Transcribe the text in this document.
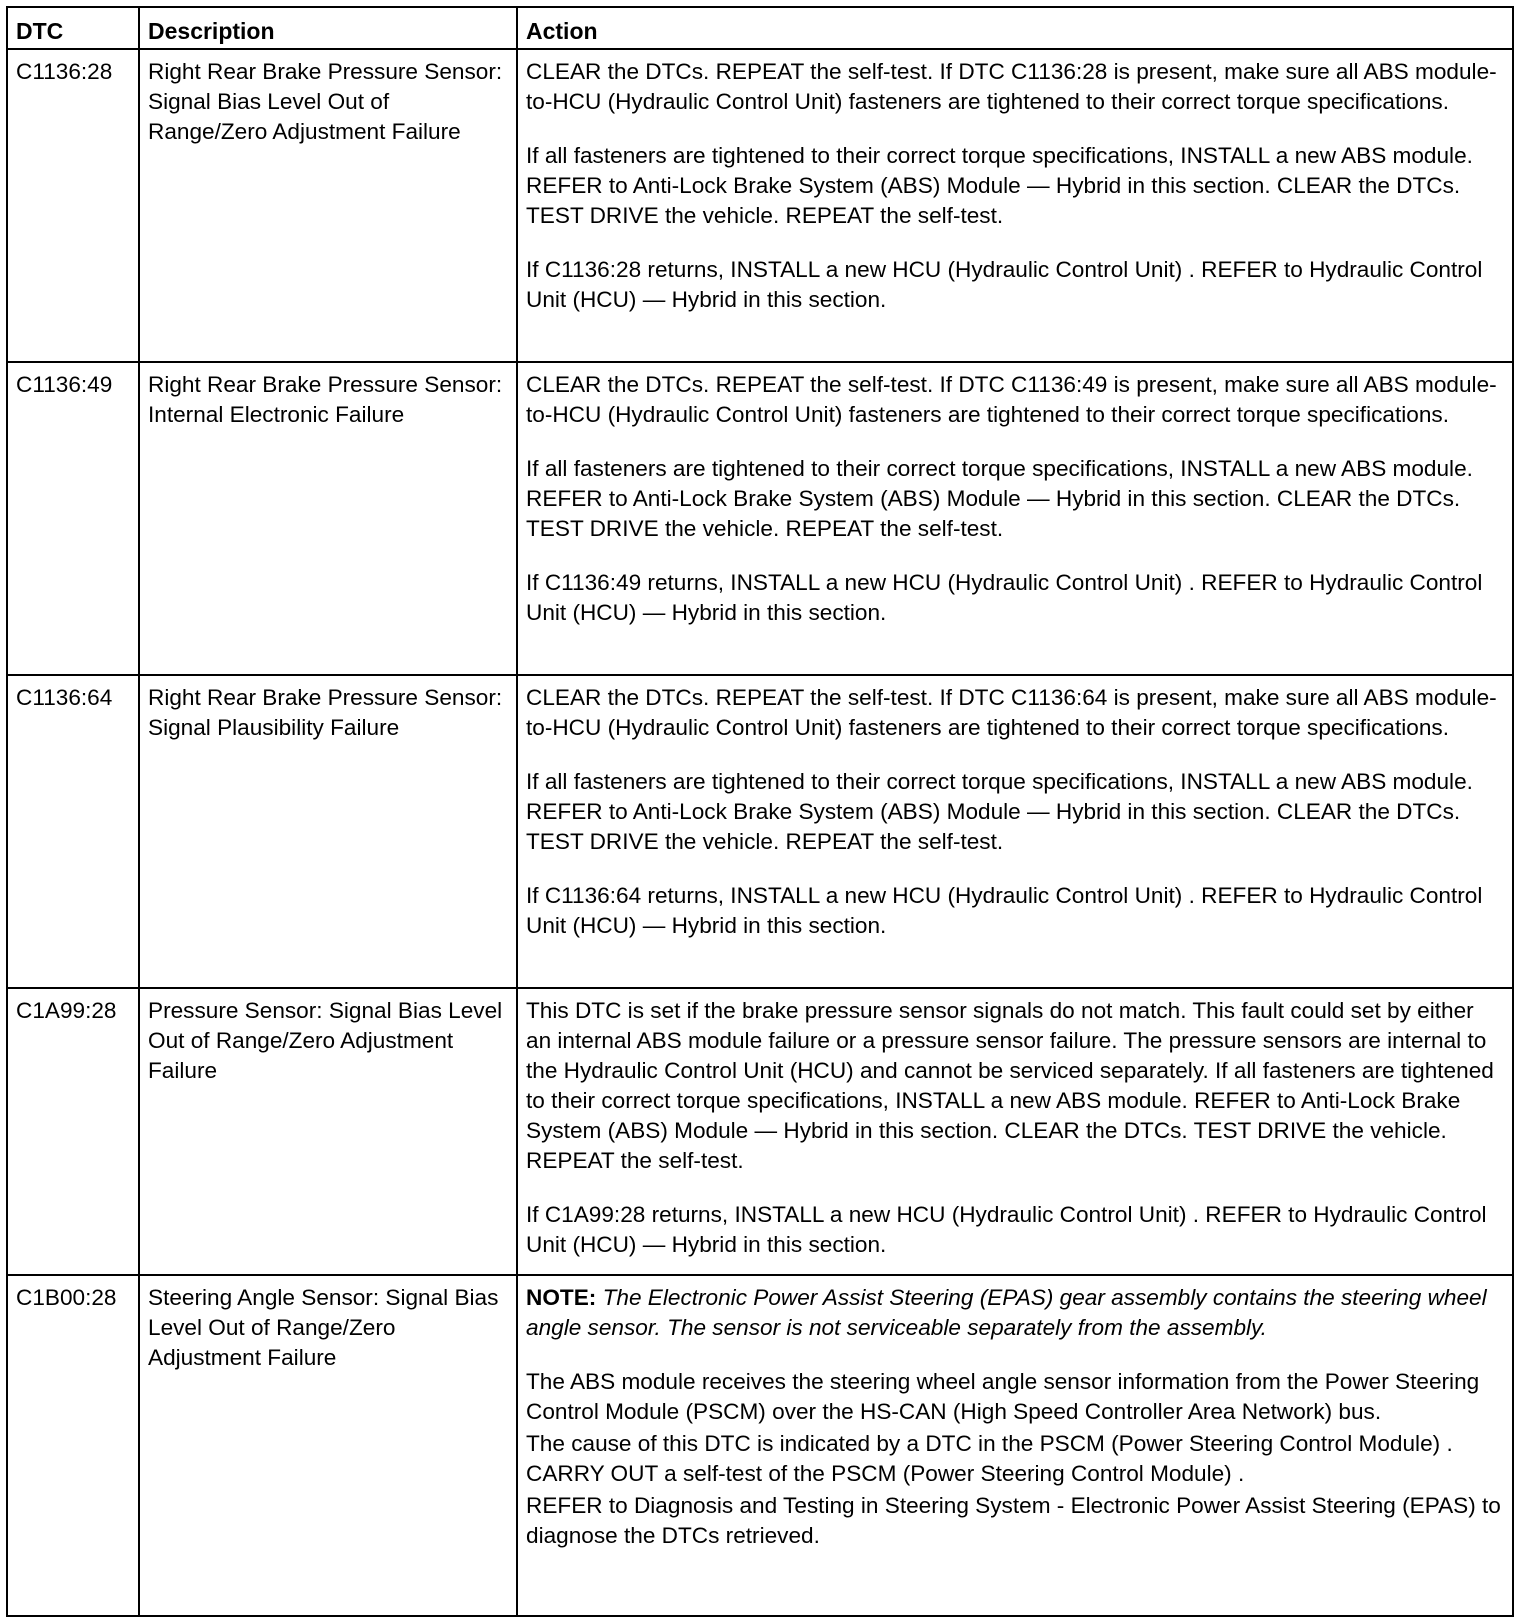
DTC	Description	Action
C1136:28	Right Rear Brake Pressure Sensor: Signal Bias Level Out of Range/Zero Adjustment Failure	CLEAR the DTCs. REPEAT the self-test. If DTC C1136:28 is present, make sure all ABS module-to-HCU (Hydraulic Control Unit) fasteners are tightened to their correct torque specifications.

If all fasteners are tightened to their correct torque specifications, INSTALL a new ABS module. REFER to Anti-Lock Brake System (ABS) Module — Hybrid in this section. CLEAR the DTCs. TEST DRIVE the vehicle. REPEAT the self-test.

If C1136:28 returns, INSTALL a new HCU (Hydraulic Control Unit) . REFER to Hydraulic Control Unit (HCU) — Hybrid in this section.

C1136:49	Right Rear Brake Pressure Sensor: Internal Electronic Failure	CLEAR the DTCs. REPEAT the self-test. If DTC C1136:49 is present, make sure all ABS module-to-HCU (Hydraulic Control Unit) fasteners are tightened to their correct torque specifications.

If all fasteners are tightened to their correct torque specifications, INSTALL a new ABS module. REFER to Anti-Lock Brake System (ABS) Module — Hybrid in this section. CLEAR the DTCs. TEST DRIVE the vehicle. REPEAT the self-test.

If C1136:49 returns, INSTALL a new HCU (Hydraulic Control Unit) . REFER to Hydraulic Control Unit (HCU) — Hybrid in this section.

C1136:64	Right Rear Brake Pressure Sensor: Signal Plausibility Failure	CLEAR the DTCs. REPEAT the self-test. If DTC C1136:64 is present, make sure all ABS module-to-HCU (Hydraulic Control Unit) fasteners are tightened to their correct torque specifications.

If all fasteners are tightened to their correct torque specifications, INSTALL a new ABS module. REFER to Anti-Lock Brake System (ABS) Module — Hybrid in this section. CLEAR the DTCs. TEST DRIVE the vehicle. REPEAT the self-test.

If C1136:64 returns, INSTALL a new HCU (Hydraulic Control Unit) . REFER to Hydraulic Control Unit (HCU) — Hybrid in this section.

C1A99:28	Pressure Sensor: Signal Bias Level Out of Range/Zero Adjustment Failure	This DTC is set if the brake pressure sensor signals do not match. This fault could set by either an internal ABS module failure or a pressure sensor failure. The pressure sensors are internal to the Hydraulic Control Unit (HCU) and cannot be serviced separately. If all fasteners are tightened to their correct torque specifications, INSTALL a new ABS module. REFER to Anti-Lock Brake System (ABS) Module — Hybrid in this section. CLEAR the DTCs. TEST DRIVE the vehicle. REPEAT the self-test.

If C1A99:28 returns, INSTALL a new HCU (Hydraulic Control Unit) . REFER to Hydraulic Control Unit (HCU) — Hybrid in this section.

C1B00:28	Steering Angle Sensor: Signal Bias Level Out of Range/Zero Adjustment Failure	NOTE: The Electronic Power Assist Steering (EPAS) gear assembly contains the steering wheel angle sensor. The sensor is not serviceable separately from the assembly.

The ABS module receives the steering wheel angle sensor information from the Power Steering Control Module (PSCM) over the HS-CAN (High Speed Controller Area Network) bus.

The cause of this DTC is indicated by a DTC in the PSCM (Power Steering Control Module) . CARRY OUT a self-test of the PSCM (Power Steering Control Module) .

REFER to Diagnosis and Testing in Steering System - Electronic Power Assist Steering (EPAS) to diagnose the DTCs retrieved.
